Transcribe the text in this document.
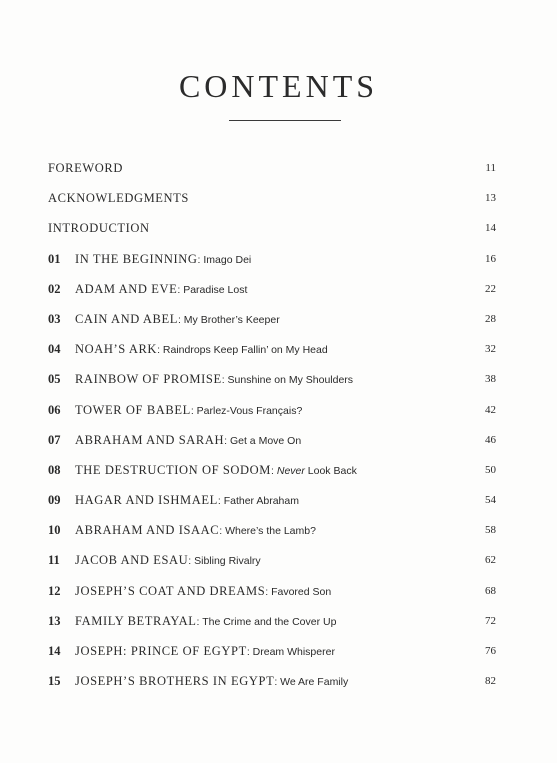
CONTENTS
FOREWORD	11
ACKNOWLEDGMENTS	13
INTRODUCTION	14
01 IN THE BEGINNING: Imago Dei	16
02 ADAM AND EVE: Paradise Lost	22
03 CAIN AND ABEL: My Brother’s Keeper	28
04 NOAH’S ARK: Raindrops Keep Fallin’ on My Head	32
05 RAINBOW OF PROMISE: Sunshine on My Shoulders	38
06 TOWER OF BABEL: Parlez-Vous Français?	42
07 ABRAHAM AND SARAH: Get a Move On	46
08 THE DESTRUCTION OF SODOM: Never Look Back	50
09 HAGAR AND ISHMAEL: Father Abraham	54
10 ABRAHAM AND ISAAC: Where’s the Lamb?	58
11 JACOB AND ESAU: Sibling Rivalry	62
12 JOSEPH’S COAT AND DREAMS: Favored Son	68
13 FAMILY BETRAYAL: The Crime and the Cover Up	72
14 JOSEPH: PRINCE OF EGYPT: Dream Whisperer	76
15 JOSEPH’S BROTHERS IN EGYPT: We Are Family	82
